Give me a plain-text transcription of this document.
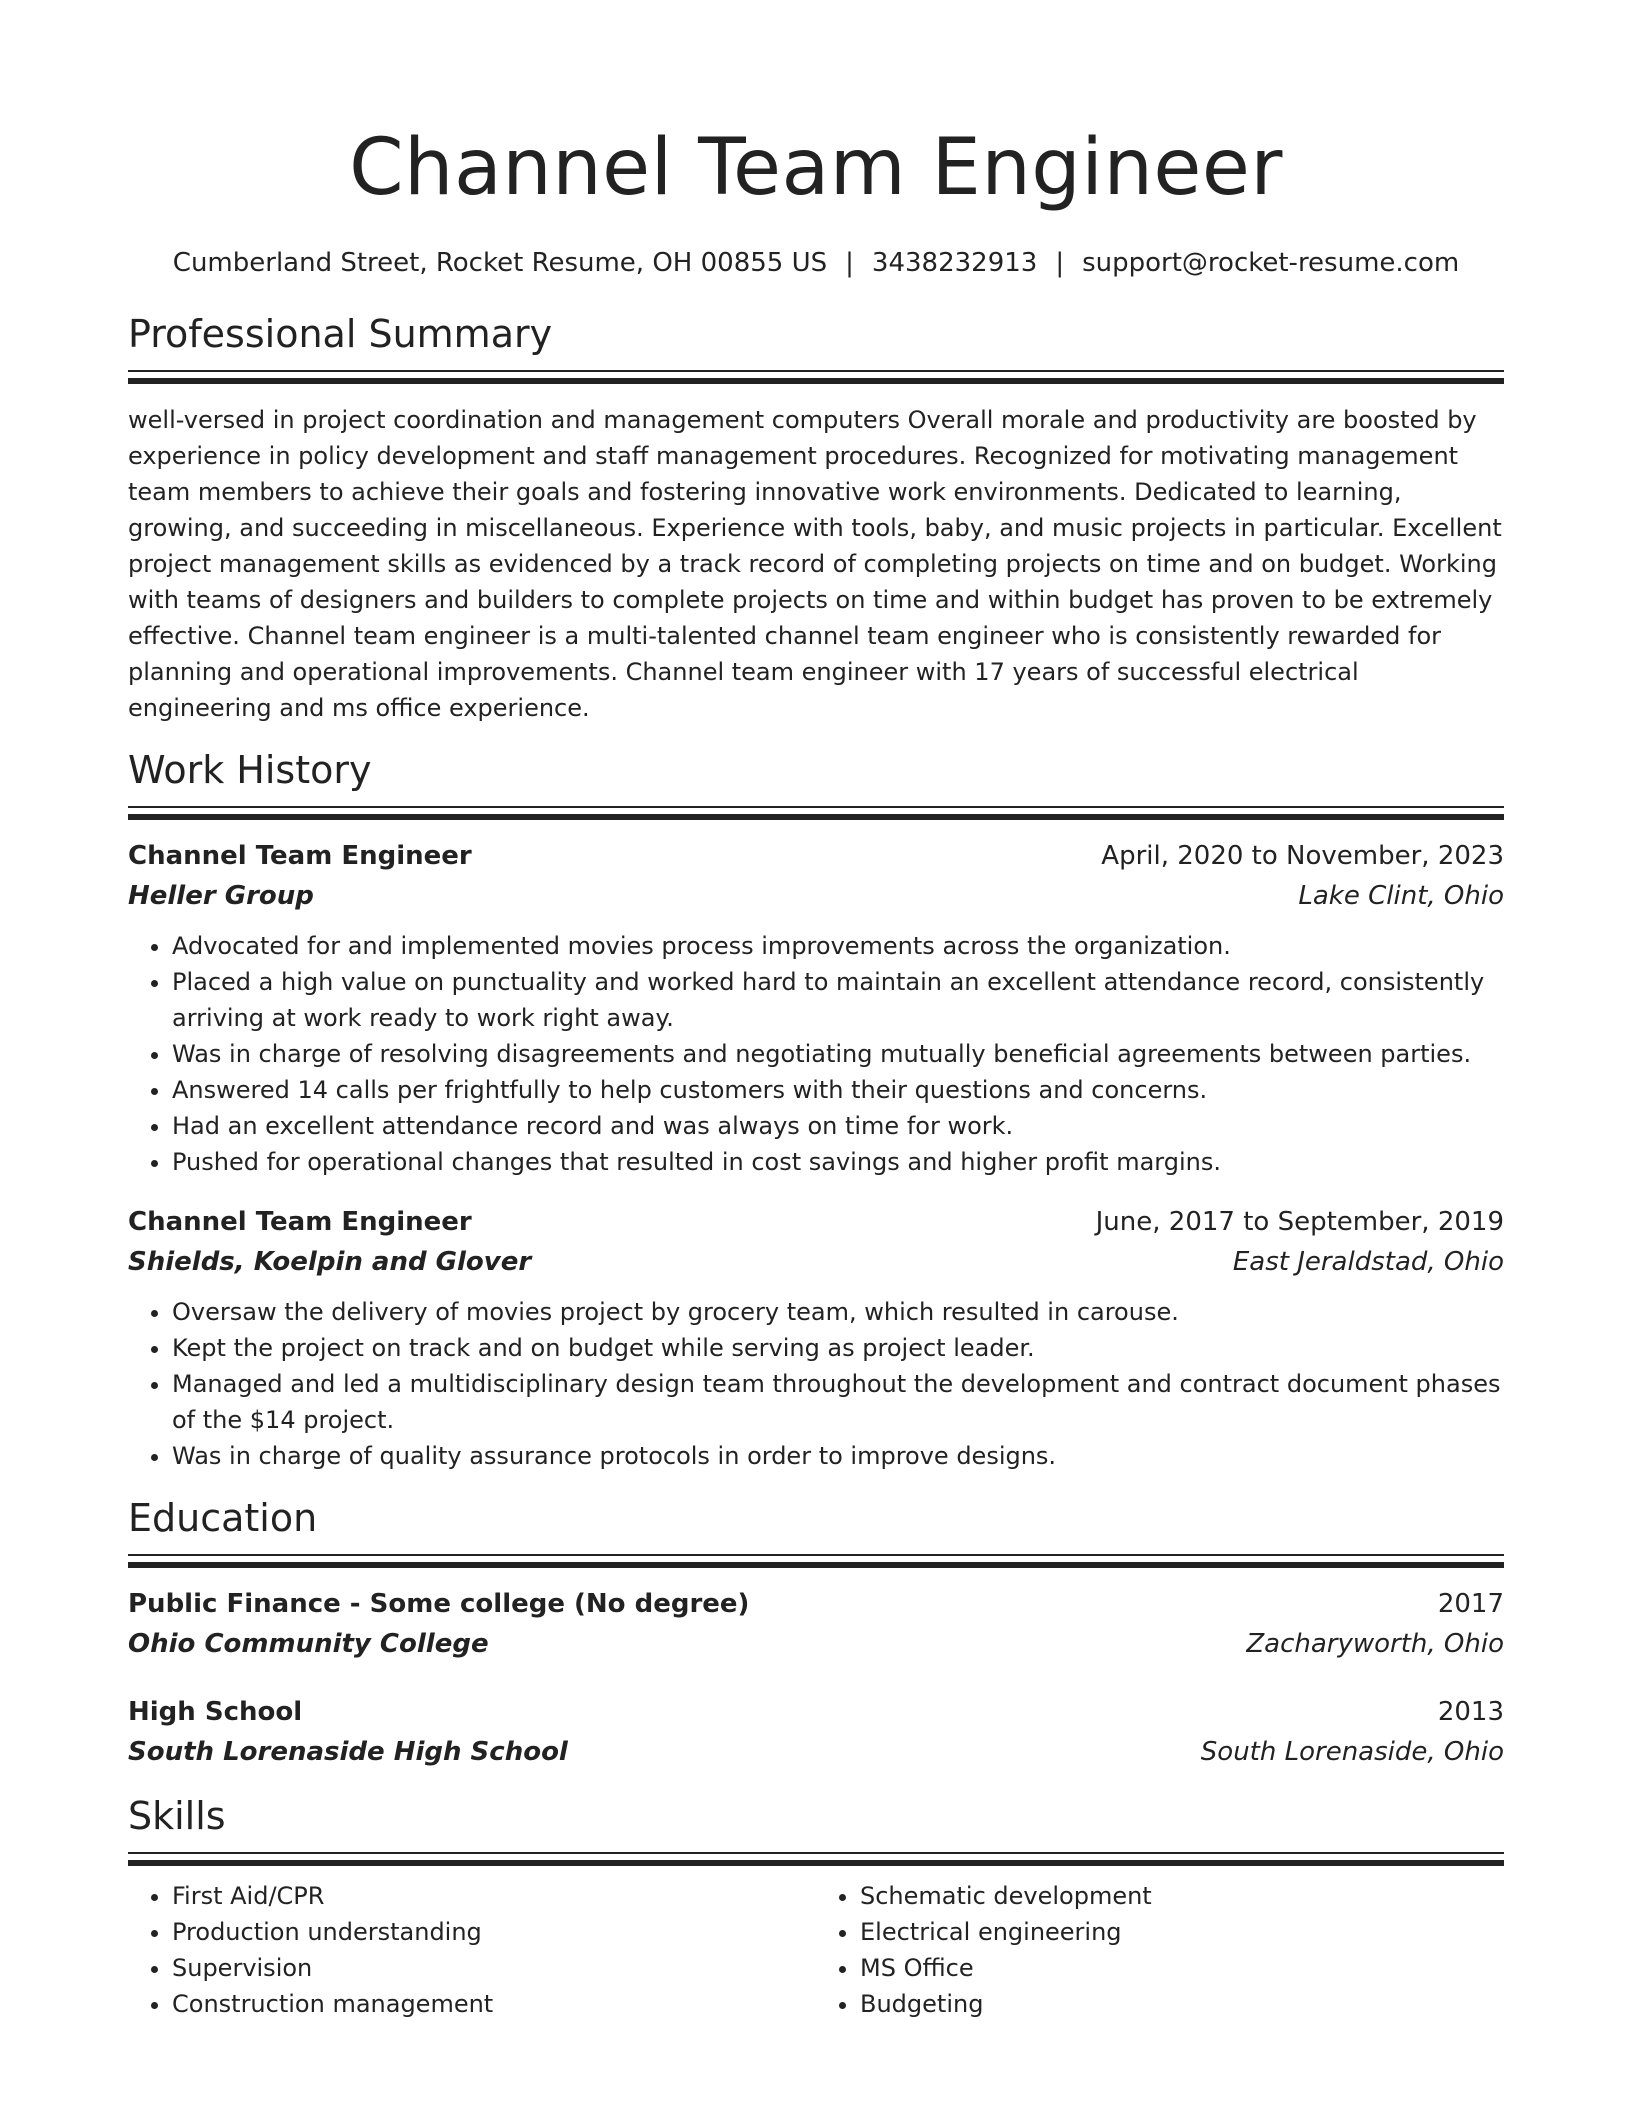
Channel Team Engineer
Cumberland Street, Rocket Resume, OH 00855 US | 3438232913 | support@rocket-resume.com
Professional Summary

well-versed in project coordination and management computers Overall morale and productivity are boosted by experience in policy development and staff management procedures. Recognized for motivating management team members to achieve their goals and fostering innovative work environments. Dedicated to learning, growing, and succeeding in miscellaneous. Experience with tools, baby, and music projects in particular. Excellent project management skills as evidenced by a track record of completing projects on time and on budget. Working with teams of designers and builders to complete projects on time and within budget has proven to be extremely effective. Channel team engineer is a multi-talented channel team engineer who is consistently rewarded for planning and operational improvements. Channel team engineer with 17 years of successful electrical engineering and ms office experience.

Work History
Channel Team Engineer	April, 2020 to November, 2023
Heller Group	Lake Clint, Ohio
• Advocated for and implemented movies process improvements across the organization.
• Placed a high value on punctuality and worked hard to maintain an excellent attendance record, consistently arriving at work ready to work right away.
• Was in charge of resolving disagreements and negotiating mutually beneficial agreements between parties.
• Answered 14 calls per frightfully to help customers with their questions and concerns.
• Had an excellent attendance record and was always on time for work.
• Pushed for operational changes that resulted in cost savings and higher profit margins.
Channel Team Engineer	June, 2017 to September, 2019
Shields, Koelpin and Glover	East Jeraldstad, Ohio
• Oversaw the delivery of movies project by grocery team, which resulted in carouse.
• Kept the project on track and on budget while serving as project leader.
• Managed and led a multidisciplinary design team throughout the development and contract document phases of the $14 project.
• Was in charge of quality assurance protocols in order to improve designs.
Education
Public Finance - Some college (No degree)	2017
Ohio Community College	Zacharyworth, Ohio
High School	2013
South Lorenaside High School	South Lorenaside, Ohio
Skills
• First Aid/CPR
• Production understanding
• Supervision
• Construction management
• Schematic development
• Electrical engineering
• MS Office
• Budgeting
